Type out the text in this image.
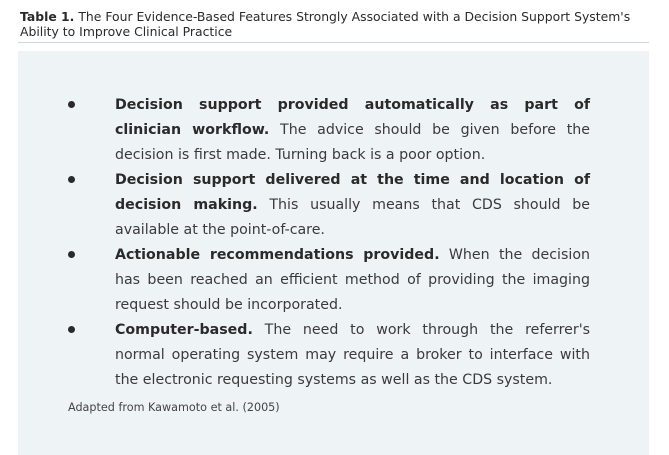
Table 1. The Four Evidence-Based Features Strongly Associated with a Decision Support System's Ability to Improve Clinical Practice
Decision support provided automatically as part of clinician workflow. The advice should be given before the decision is first made. Turning back is a poor option.
Decision support delivered at the time and location of decision making. This usually means that CDS should be available at the point-of-care.
Actionable recommendations provided. When the decision has been reached an efficient method of providing the imaging request should be incorporated.
Computer-based. The need to work through the referrer's normal operating system may require a broker to interface with the electronic requesting systems as well as the CDS system.
Adapted from Kawamoto et al. (2005)
